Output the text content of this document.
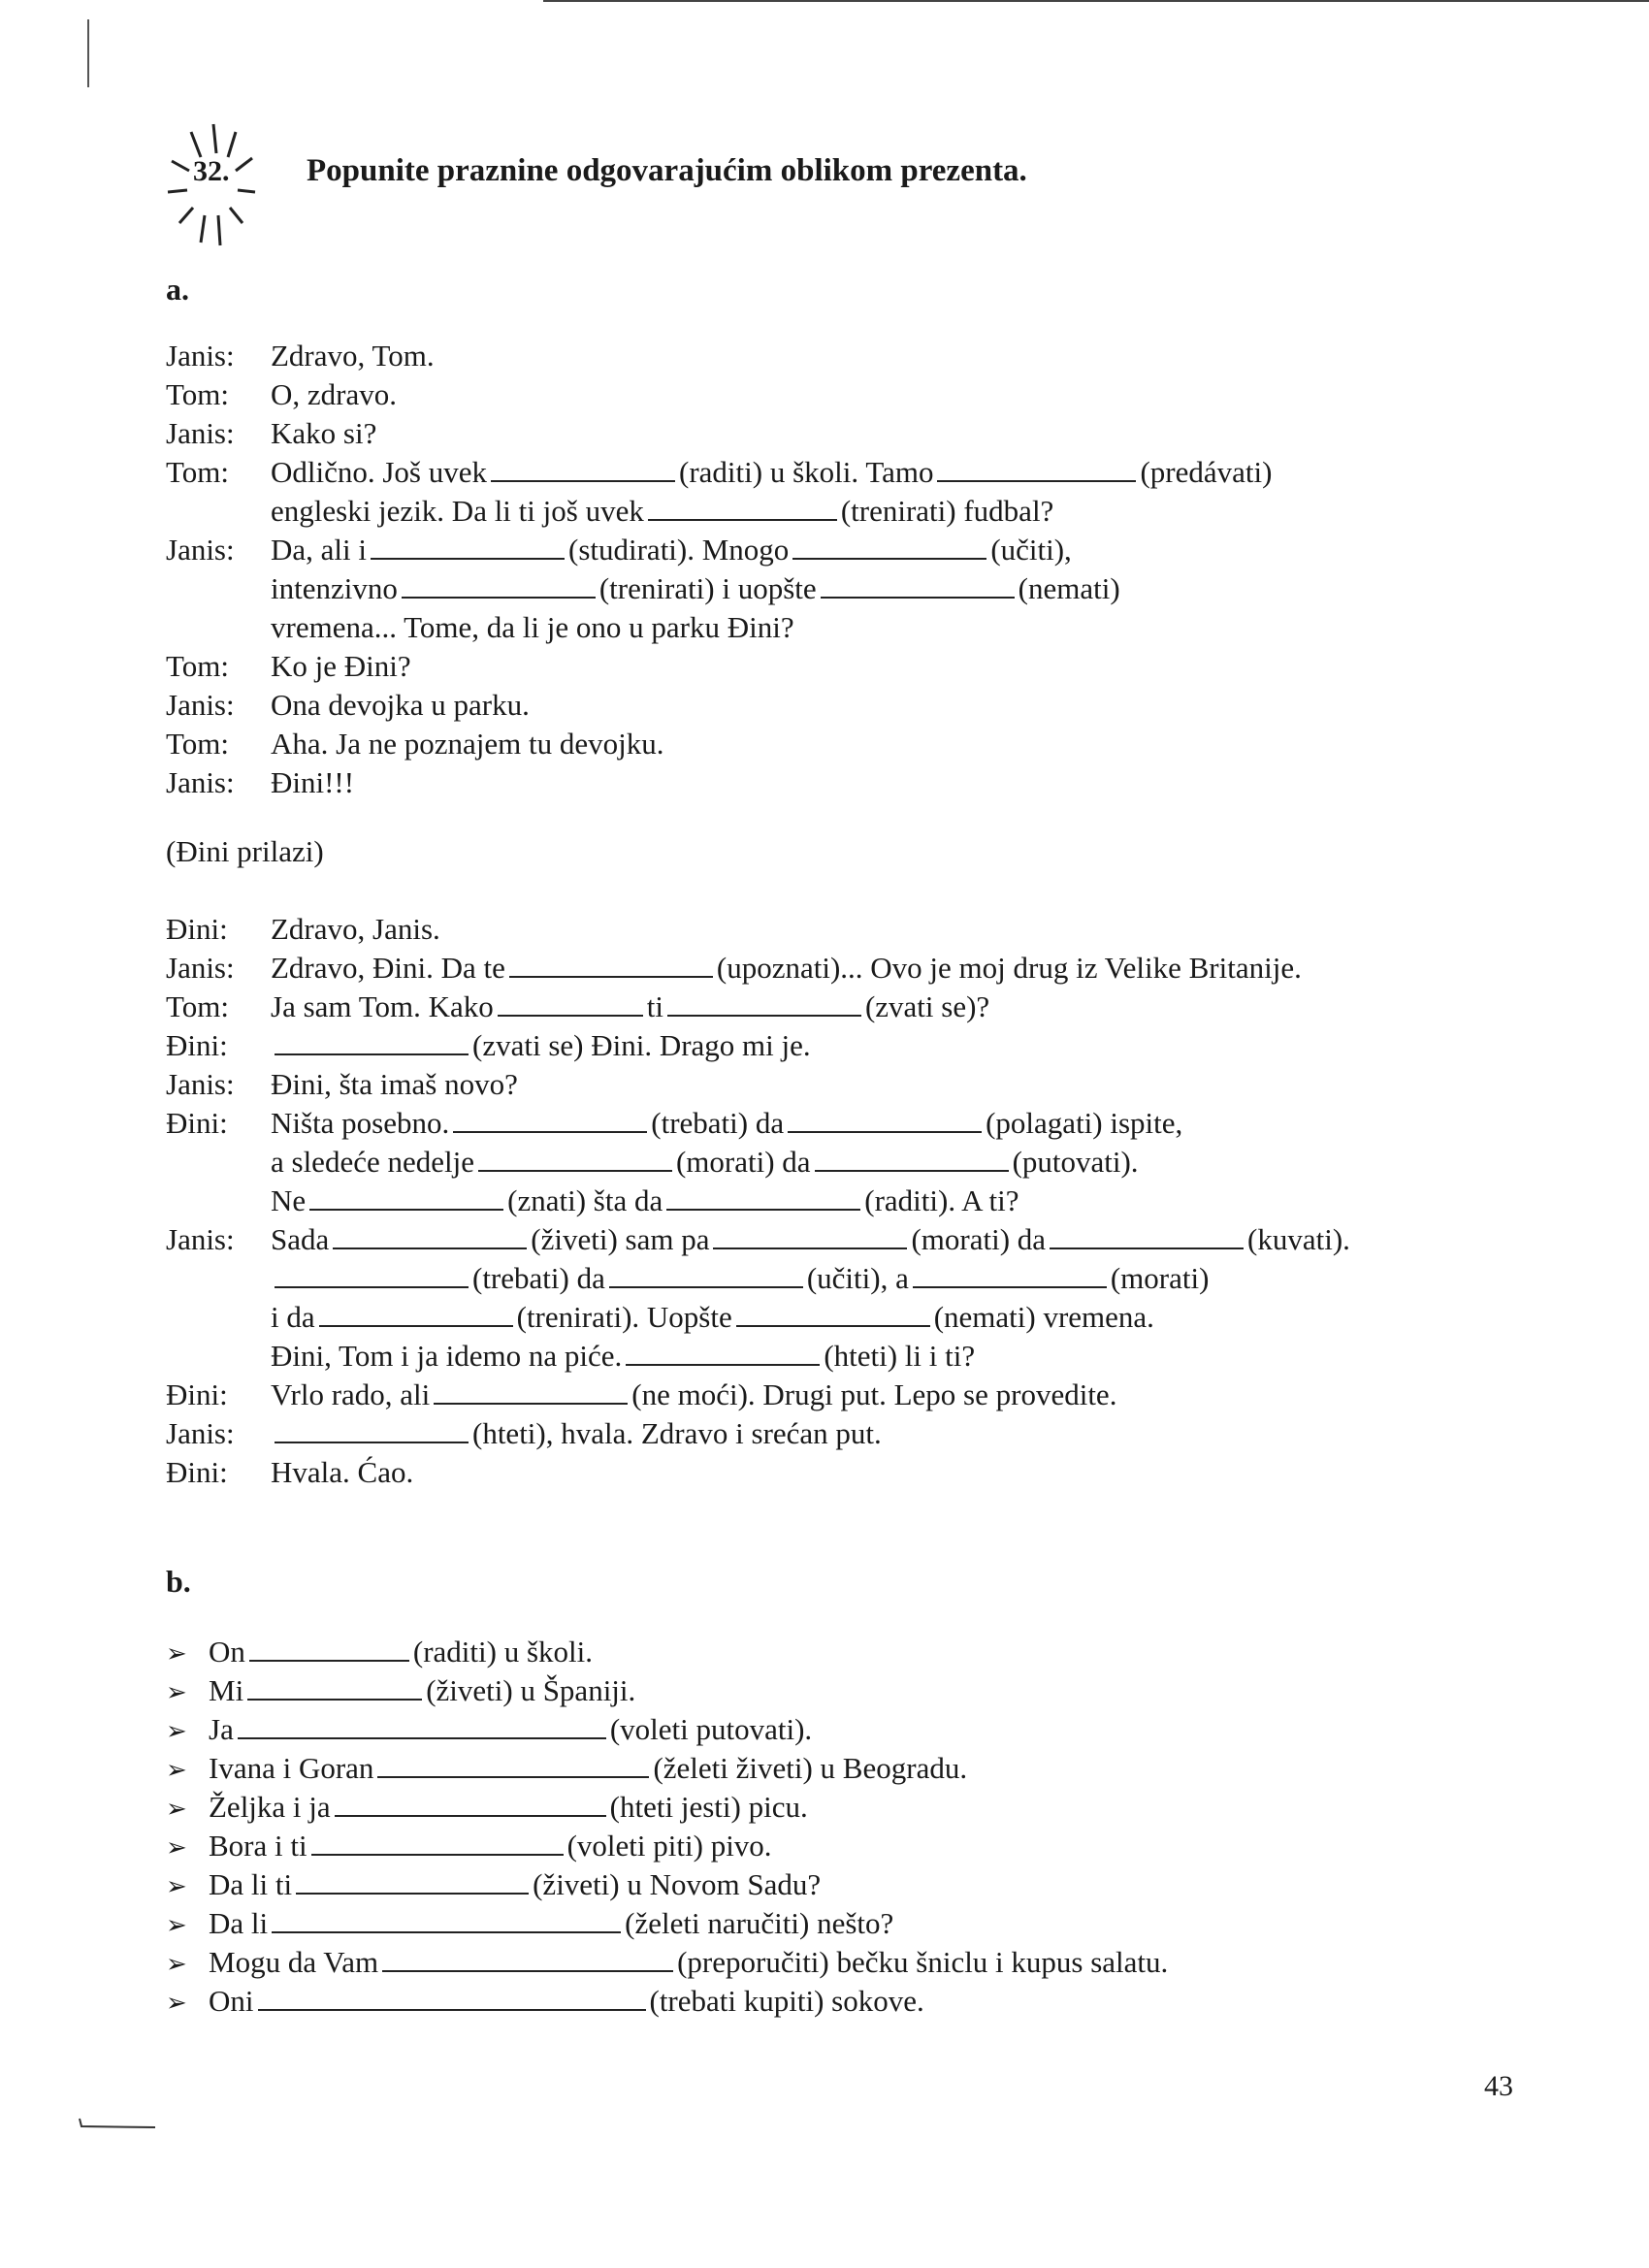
32. Popunite praznine odgovarajućim oblikom prezenta.
a.
Janis:	Zdravo, Tom.
Tom:	O, zdravo.
Janis:	Kako si?
Tom:	Odlično. Još uvek	(raditi) u školi. Tamo	(predávati)
engleski jezik. Da li ti još uvek	(trenirati) fudbal?
Janis:	Da, ali i	(studirati). Mnogo	(učiti),
intenzivno	(trenirati) i uopšte	(nemati)
vremena... Tome, da li je ono u parku Đini?
Tom:	Ko je Đini?
Janis:	Ona devojka u parku.
Tom:	Aha. Ja ne poznajem tu devojku.
Janis:	Đini!!!
(Đini prilazi)
Đini:	Zdravo, Janis.
Janis:	Zdravo, Đini. Da te	(upoznati)... Ovo je moj drug iz Velike Britanije.
Tom:	Ja sam Tom. Kako	ti	(zvati se)?
Đini:	(zvati se) Đini. Drago mi je.
Janis:	Đini, šta imaš novo?
Đini:	Ništa posebno.	(trebati) da	(polagati) ispite,
a sledeće nedelje	(morati) da	(putovati).
Ne	(znati) šta da	(raditi). A ti?
Janis:	Sada	(živeti) sam pa	(morati) da	(kuvati).
(trebati) da	(učiti), a	(morati)
i da	(trenirati). Uopšte	(nemati) vremena.
Đini, Tom i ja idemo na piće.	(hteti) li i ti?
Đini:	Vrlo rado, ali	(ne moći). Drugi put. Lepo se provedite.
Janis:	(hteti), hvala. Zdravo i srećan put.
Đini:	Hvala. Ćao.
b.
➢ On	(raditi) u školi.
➢ Mi	(živeti) u Španiji.
➢ Ja	(voleti putovati).
➢ Ivana i Goran	(želeti živeti) u Beogradu.
➢ Željka i ja	(hteti jesti) picu.
➢ Bora i ti	(voleti piti) pivo.
➢ Da li ti	(živeti) u Novom Sadu?
➢ Da li	(želeti naručiti) nešto?
➢ Mogu da Vam	(preporučiti) bečku šniclu i kupus salatu.
➢ Oni	(trebati kupiti) sokove.
43
